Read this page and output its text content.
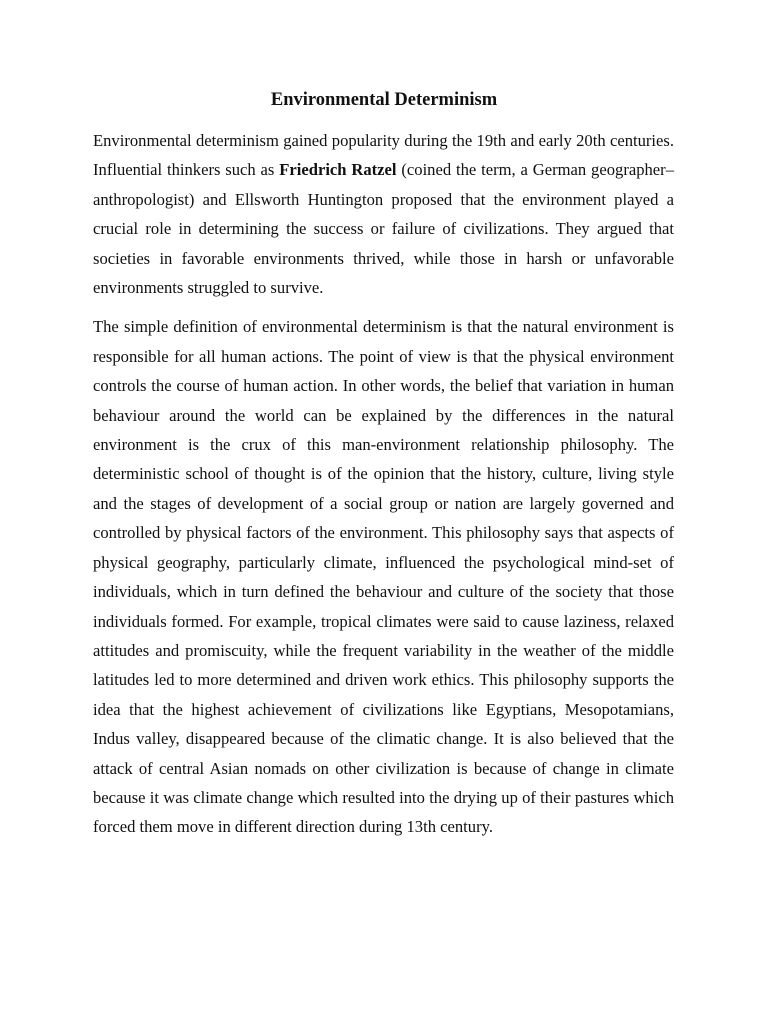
Environmental Determinism

Environmental determinism gained popularity during the 19th and early 20th centuries. Influential thinkers such as Friedrich Ratzel (coined the term, a German geographer–anthropologist) and Ellsworth Huntington proposed that the environment played a crucial role in determining the success or failure of civilizations. They argued that societies in favorable environments thrived, while those in harsh or unfavorable environments struggled to survive.

The simple definition of environmental determinism is that the natural environment is responsible for all human actions. The point of view is that the physical environment controls the course of human action. In other words, the belief that variation in human behaviour around the world can be explained by the differences in the natural environment is the crux of this man-environment relationship philosophy. The deterministic school of thought is of the opinion that the history, culture, living style and the stages of development of a social group or nation are largely governed and controlled by physical factors of the environment. This philosophy says that aspects of physical geography, particularly climate, influenced the psychological mind-set of individuals, which in turn defined the behaviour and culture of the society that those individuals formed. For example, tropical climates were said to cause laziness, relaxed attitudes and promiscuity, while the frequent variability in the weather of the middle latitudes led to more determined and driven work ethics. This philosophy supports the idea that the highest achievement of civilizations like Egyptians, Mesopotamians, Indus valley, disappeared because of the climatic change. It is also believed that the attack of central Asian nomads on other civilization is because of change in climate because it was climate change which resulted into the drying up of their pastures which forced them move in different direction during 13th century.
